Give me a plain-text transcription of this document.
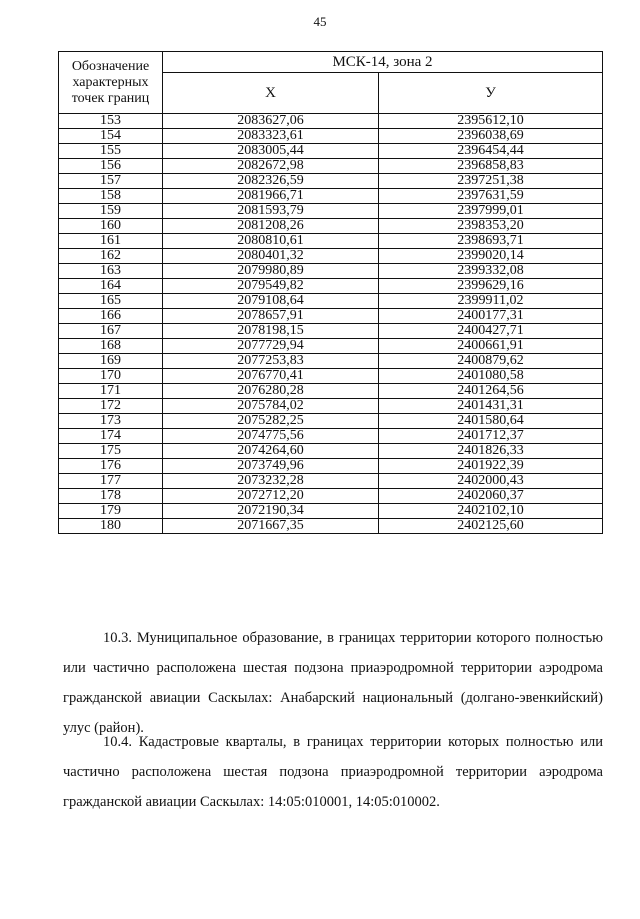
45
Обозначение характерных точек границ	МСК-14, зона 2	
	X	У
153	2083627,06	2395612,10
154	2083323,61	2396038,69
155	2083005,44	2396454,44
156	2082672,98	2396858,83
157	2082326,59	2397251,38
158	2081966,71	2397631,59
159	2081593,79	2397999,01
160	2081208,26	2398353,20
161	2080810,61	2398693,71
162	2080401,32	2399020,14
163	2079980,89	2399332,08
164	2079549,82	2399629,16
165	2079108,64	2399911,02
166	2078657,91	2400177,31
167	2078198,15	2400427,71
168	2077729,94	2400661,91
169	2077253,83	2400879,62
170	2076770,41	2401080,58
171	2076280,28	2401264,56
172	2075784,02	2401431,31
173	2075282,25	2401580,64
174	2074775,56	2401712,37
175	2074264,60	2401826,33
176	2073749,96	2401922,39
177	2073232,28	2402000,43
178	2072712,20	2402060,37
179	2072190,34	2402102,10
180	2071667,35	2402125,60
10.3. Муниципальное образование, в границах территории которого полностью или частично расположена шестая подзона приаэродромной территории аэродрома гражданской авиации Саскылах: Анабарский национальный (долгано-эвенкийский) улус (район).
10.4. Кадастровые кварталы, в границах территории которых полностью или частично расположена шестая подзона приаэродромной территории аэродрома гражданской авиации Саскылах: 14:05:010001, 14:05:010002.
